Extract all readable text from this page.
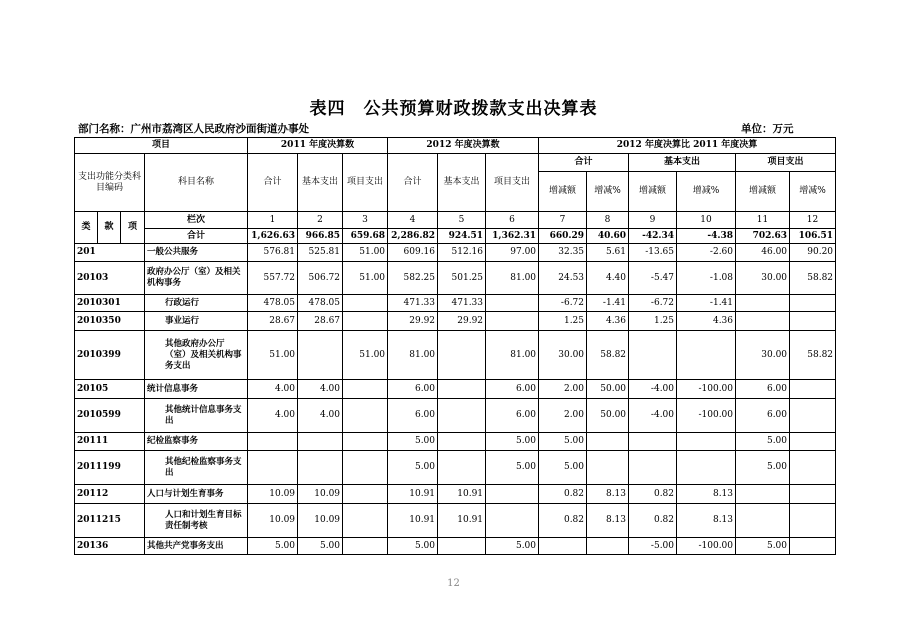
表四　公共预算财政拨款支出决算表
部门名称：广州市荔湾区人民政府沙面街道办事处	单位：万元
项目				2011 年度决算数			2012 年度决算数			2012 年度决算比 2011 年度决算					
支出功能分类科目编码			科目名称	合计	基本支出	项目支出	合计	基本支出	项目支出	合计		基本支出		项目支出	
										增减额	增减%	增减额	增减%	增减额	增减%
类	款	项	栏次	1	2	3	4	5	6	7	8	9	10	11	12
			合计	1,626.63	966.85	659.68	2,286.82	924.51	1,362.31	660.29	40.60	-42.34	-4.38	702.63	106.51
201			一般公共服务	576.81	525.81	51.00	609.16	512.16	97.00	32.35	5.61	-13.65	-2.60	46.00	90.20
20103			政府办公厅（室）及相关机构事务	557.72	506.72	51.00	582.25	501.25	81.00	24.53	4.40	-5.47	-1.08	30.00	58.82
2010301			行政运行	478.05	478.05		471.33	471.33		-6.72	-1.41	-6.72	-1.41		
2010350			事业运行	28.67	28.67		29.92	29.92		1.25	4.36	1.25	4.36		
2010399			其他政府办公厅（室）及相关机构事务支出	51.00		51.00	81.00		81.00	30.00	58.82			30.00	58.82
20105			统计信息事务	4.00	4.00		6.00		6.00	2.00	50.00	-4.00	-100.00	6.00	
2010599			其他统计信息事务支出	4.00	4.00		6.00		6.00	2.00	50.00	-4.00	-100.00	6.00	
20111			纪检监察事务				5.00		5.00	5.00				5.00	
2011199			其他纪检监察事务支出				5.00		5.00	5.00				5.00	
20112			人口与计划生育事务	10.09	10.09		10.91	10.91		0.82	8.13	0.82	8.13		
2011215			人口和计划生育目标责任制考核	10.09	10.09		10.91	10.91		0.82	8.13	0.82	8.13		
20136			其他共产党事务支出	5.00	5.00		5.00		5.00			-5.00	-100.00	5.00	
12
